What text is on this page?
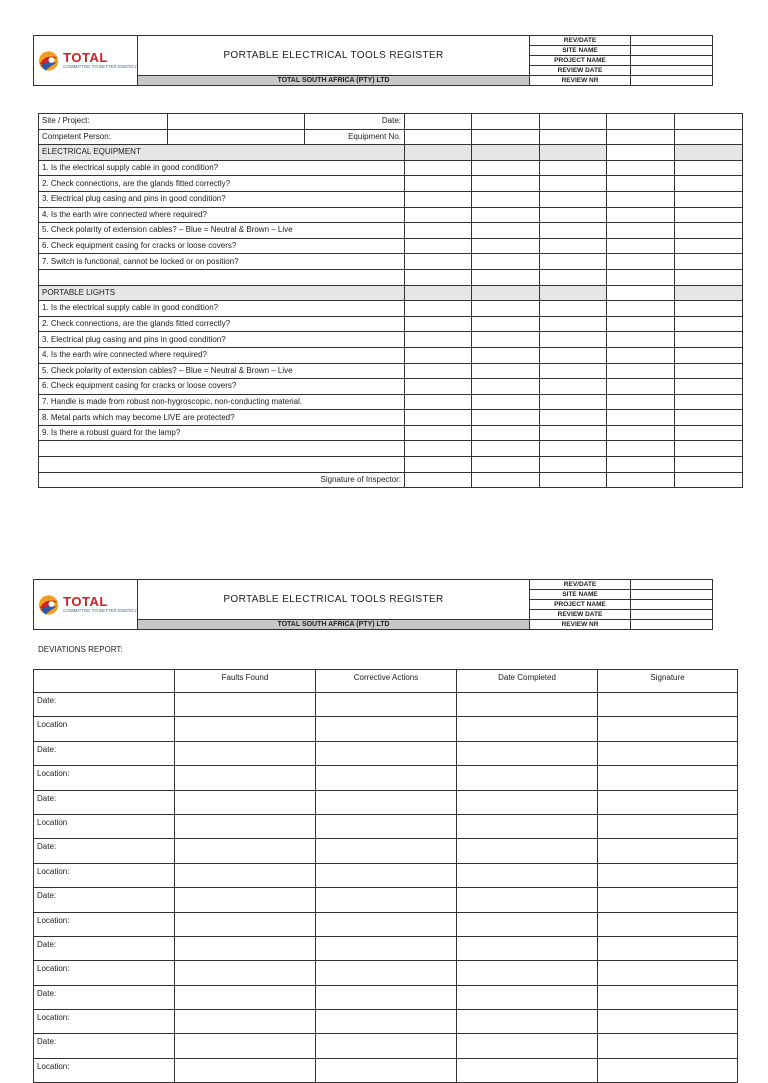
TOTAL
COMMITTED TO BETTER ENERGY	PORTABLE ELECTRICAL TOOLS REGISTER	REV/DATE	
		SITE NAME	
		PROJECT NAME	
		REVIEW DATE	
	TOTAL SOUTH AFRICA (PTY) LTD	REVIEW NR	
Site / Project:		Date:					
Competent Person:		Equipment No.					
ELECTRICAL EQUIPMENT							
1. Is the electrical supply cable in good condition?							
2. Check connections, are the glands fitted correctly?							
3. Electrical plug casing and pins in good condition?							
4. Is the earth wire connected where required?							
5. Check polarity of extension cables? – Blue = Neutral & Brown – Live							
6. Check equipment casing for cracks or loose covers?							
7. Switch is functional, cannot be locked or on position?							

PORTABLE LIGHTS							
1. Is the electrical supply cable in good condition?							
2. Check connections, are the glands fitted correctly?							
3. Electrical plug casing and pins in good condition?							
4. Is the earth wire connected where required?							
5. Check polarity of extension cables? – Blue = Neutral & Brown – Live							
6. Check equipment casing for cracks or loose covers?							
7. Handle is made from robust non-hygroscopic, non-conducting material.							
8. Metal parts which may become LIVE are protected?							
9. Is there a robust guard for the lamp?							

Signature of Inspector:							
TOTAL
COMMITTED TO BETTER ENERGY	PORTABLE ELECTRICAL TOOLS REGISTER	REV/DATE	
		SITE NAME	
		PROJECT NAME	
		REVIEW DATE	
	TOTAL SOUTH AFRICA (PTY) LTD	REVIEW NR	
DEVIATIONS REPORT:
	Faults Found	Corrective Actions	Date Completed	Signature
Date:				
Location				
Date:				
Location:				
Date:				
Location				
Date:				
Location:				
Date:				
Location:				
Date:				
Location:				
Date:				
Location:				
Date:				
Location:				
